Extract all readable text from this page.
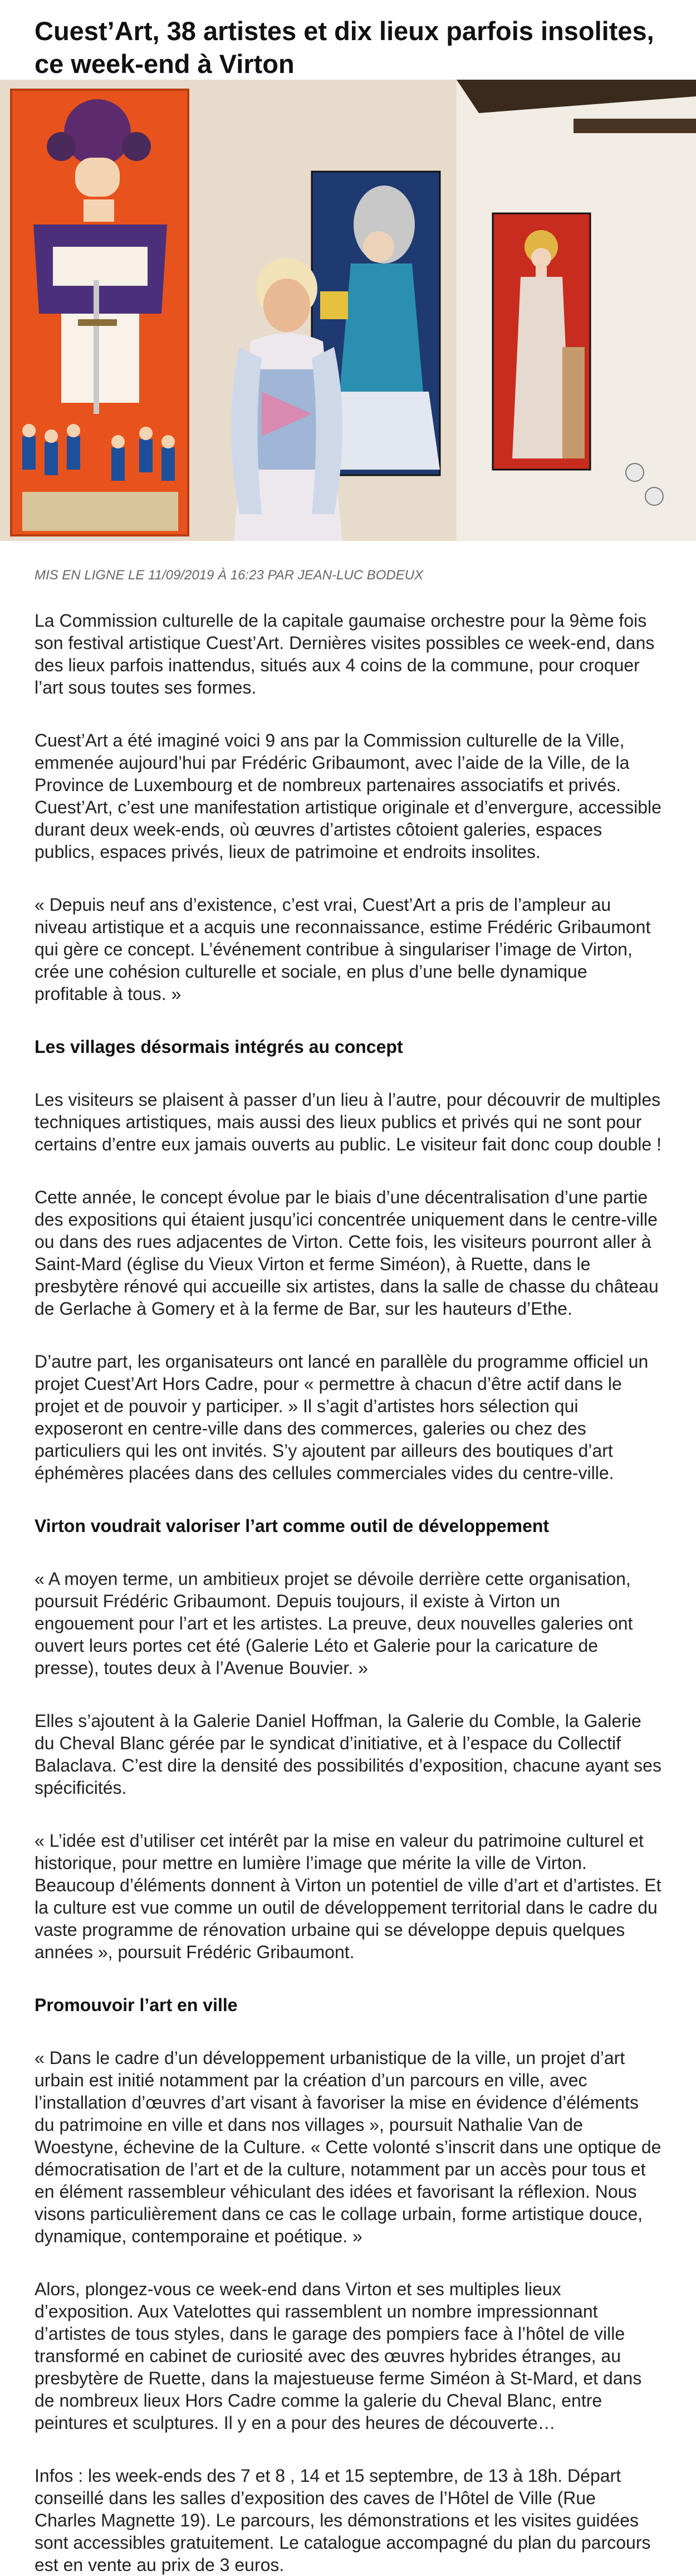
Cuest’Art, 38 artistes et dix lieux parfois insolites, ce week-end à Virton

MIS EN LIGNE LE 11/09/2019 À 16:23 PAR JEAN-LUC BODEUX

La Commission culturelle de la capitale gaumaise orchestre pour la 9ème fois son festival artistique Cuest’Art. Dernières visites possibles ce week-end, dans des lieux parfois inattendus, situés aux 4 coins de la commune, pour croquer l’art sous toutes ses formes.

Cuest’Art a été imaginé voici 9 ans par la Commission culturelle de la Ville, emmenée aujourd’hui par Frédéric Gribaumont, avec l’aide de la Ville, de la Province de Luxembourg et de nombreux partenaires associatifs et privés. Cuest’Art, c’est une manifestation artistique originale et d’envergure, accessible durant deux week-ends, où œuvres d’artistes côtoient galeries, espaces publics, espaces privés, lieux de patrimoine et endroits insolites.

« Depuis neuf ans d’existence, c’est vrai, Cuest’Art a pris de l’ampleur au niveau artistique et a acquis une reconnaissance, estime Frédéric Gribaumont qui gère ce concept. L’événement contribue à singulariser l’image de Virton, crée une cohésion culturelle et sociale, en plus d’une belle dynamique profitable à tous. »

Les villages désormais intégrés au concept

Les visiteurs se plaisent à passer d’un lieu à l’autre, pour découvrir de multiples techniques artistiques, mais aussi des lieux publics et privés qui ne sont pour certains d’entre eux jamais ouverts au public. Le visiteur fait donc coup double !

Cette année, le concept évolue par le biais d’une décentralisation d’une partie des expositions qui étaient jusqu’ici concentrée uniquement dans le centre-ville ou dans des rues adjacentes de Virton. Cette fois, les visiteurs pourront aller à Saint-Mard (église du Vieux Virton et ferme Siméon), à Ruette, dans le presbytère rénové qui accueille six artistes, dans la salle de chasse du château de Gerlache à Gomery et à la ferme de Bar, sur les hauteurs d’Ethe.

D’autre part, les organisateurs ont lancé en parallèle du programme officiel un projet Cuest’Art Hors Cadre, pour « permettre à chacun d’être actif dans le projet et de pouvoir y participer. » Il s’agit d’artistes hors sélection qui exposeront en centre-ville dans des commerces, galeries ou chez des particuliers qui les ont invités. S’y ajoutent par ailleurs des boutiques d’art éphémères placées dans des cellules commerciales vides du centre-ville.

Virton voudrait valoriser l’art comme outil de développement

« A moyen terme, un ambitieux projet se dévoile derrière cette organisation, poursuit Frédéric Gribaumont. Depuis toujours, il existe à Virton un engouement pour l’art et les artistes. La preuve, deux nouvelles galeries ont ouvert leurs portes cet été (Galerie Léto et Galerie pour la caricature de presse), toutes deux à l’Avenue Bouvier. »

Elles s’ajoutent à la Galerie Daniel Hoffman, la Galerie du Comble, la Galerie du Cheval Blanc gérée par le syndicat d’initiative, et à l’espace du Collectif Balaclava. C’est dire la densité des possibilités d’exposition, chacune ayant ses spécificités.

« L’idée est d’utiliser cet intérêt par la mise en valeur du patrimoine culturel et historique, pour mettre en lumière l’image que mérite la ville de Virton. Beaucoup d’éléments donnent à Virton un potentiel de ville d’art et d’artistes. Et la culture est vue comme un outil de développement territorial dans le cadre du vaste programme de rénovation urbaine qui se développe depuis quelques années », poursuit Frédéric Gribaumont.

Promouvoir l’art en ville

« Dans le cadre d’un développement urbanistique de la ville, un projet d’art urbain est initié notamment par la création d’un parcours en ville, avec l’installation d’œuvres d’art visant à favoriser la mise en évidence d’éléments du patrimoine en ville et dans nos villages », poursuit Nathalie Van de Woestyne, échevine de la Culture. « Cette volonté s’inscrit dans une optique de démocratisation de l’art et de la culture, notamment par un accès pour tous et en élément rassembleur véhiculant des idées et favorisant la réflexion. Nous visons particulièrement dans ce cas le collage urbain, forme artistique douce, dynamique, contemporaine et poétique. »

Alors, plongez-vous ce week-end dans Virton et ses multiples lieux d’exposition. Aux Vatelottes qui rassemblent un nombre impressionnant d’artistes de tous styles, dans le garage des pompiers face à l’hôtel de ville transformé en cabinet de curiosité avec des œuvres hybrides étranges, au presbytère de Ruette, dans la majestueuse ferme Siméon à St-Mard, et dans de nombreux lieux Hors Cadre comme la galerie du Cheval Blanc, entre peintures et sculptures. Il y en a pour des heures de découverte…

Infos : les week-ends des 7 et 8 , 14 et 15 septembre, de 13 à 18h. Départ conseillé dans les salles d’exposition des caves de l’Hôtel de Ville (Rue Charles Magnette 19). Le parcours, les démonstrations et les visites guidées sont accessibles gratuitement. Le catalogue accompagné du plan du parcours est en vente au prix de 3 euros.
